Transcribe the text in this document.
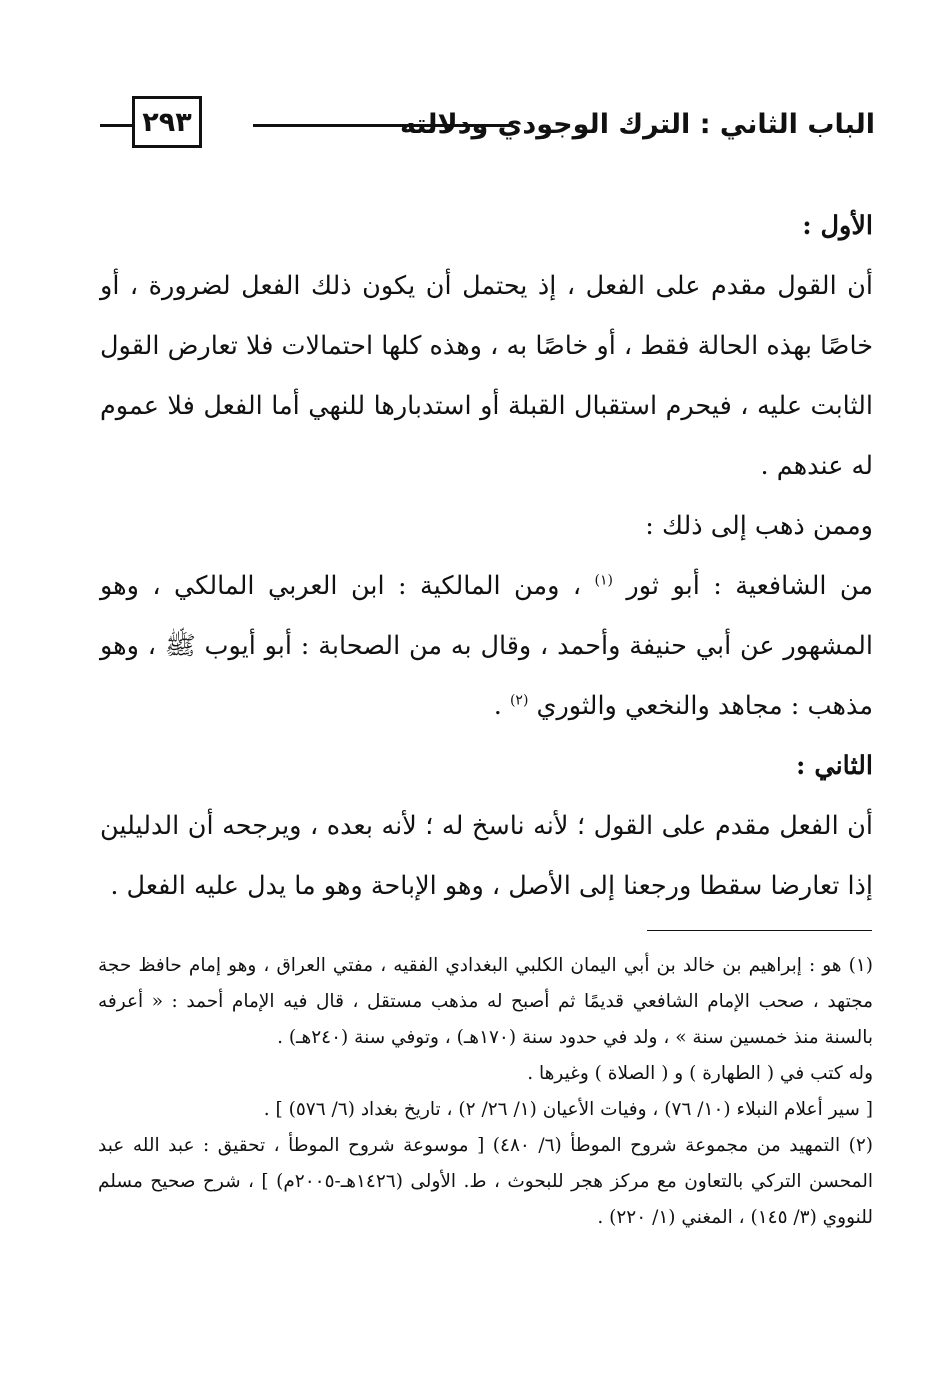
الباب الثاني : الترك الوجودي ودلالته
٢٩٣

الأول :

أن القول مقدم على الفعل ، إذ يحتمل أن يكون ذلك الفعل لضرورة ، أو خاصًا بهذه الحالة فقط ، أو خاصًا به ، وهذه كلها احتمالات فلا تعارض القول الثابت عليه ، فيحرم استقبال القبلة أو استدبارها للنهي أما الفعل فلا عموم له عندهم .

وممن ذهب إلى ذلك :

من الشافعية : أبو ثور $^{(١)}$ ، ومن المالكية : ابن العربي المالكي ، وهو المشهور عن أبي حنيفة وأحمد ، وقال به من الصحابة : أبو أيوب ﷺ ، وهو مذهب : مجاهد والنخعي والثوري $^{(٢)}$ .

الثاني :

أن الفعل مقدم على القول ؛ لأنه ناسخ له ؛ لأنه بعده ، ويرجحه أن الدليلين إذا تعارضا سقطا ورجعنا إلى الأصل ، وهو الإباحة وهو ما يدل عليه الفعل .

(١) هو : إبراهيم بن خالد بن أبي اليمان الكلبي البغدادي الفقيه ، مفتي العراق ، وهو إمام حافظ حجة مجتهد ، صحب الإمام الشافعي قديمًا ثم أصبح له مذهب مستقل ، قال فيه الإمام أحمد : « أعرفه بالسنة منذ خمسين سنة » ، ولد في حدود سنة (١٧٠هـ) ، وتوفي سنة (٢٤٠هـ) .

وله كتب في ( الطهارة ) و ( الصلاة ) وغيرها .

[ سير أعلام النبلاء (١٠/ ٧٦) ، وفيات الأعيان (١/ ٢٦/ ٢) ، تاريخ بغداد (٦/ ٥٧٦) ] .

(٢) التمهيد من مجموعة شروح الموطأ (٦/ ٤٨٠) [ موسوعة شروح الموطأ ، تحقيق : عبد الله عبد المحسن التركي بالتعاون مع مركز هجر للبحوث ، ط. الأولى (١٤٢٦هـ-٢٠٠٥م) ] ، شرح صحيح مسلم للنووي (٣/ ١٤٥) ، المغني (١/ ٢٢٠) .
